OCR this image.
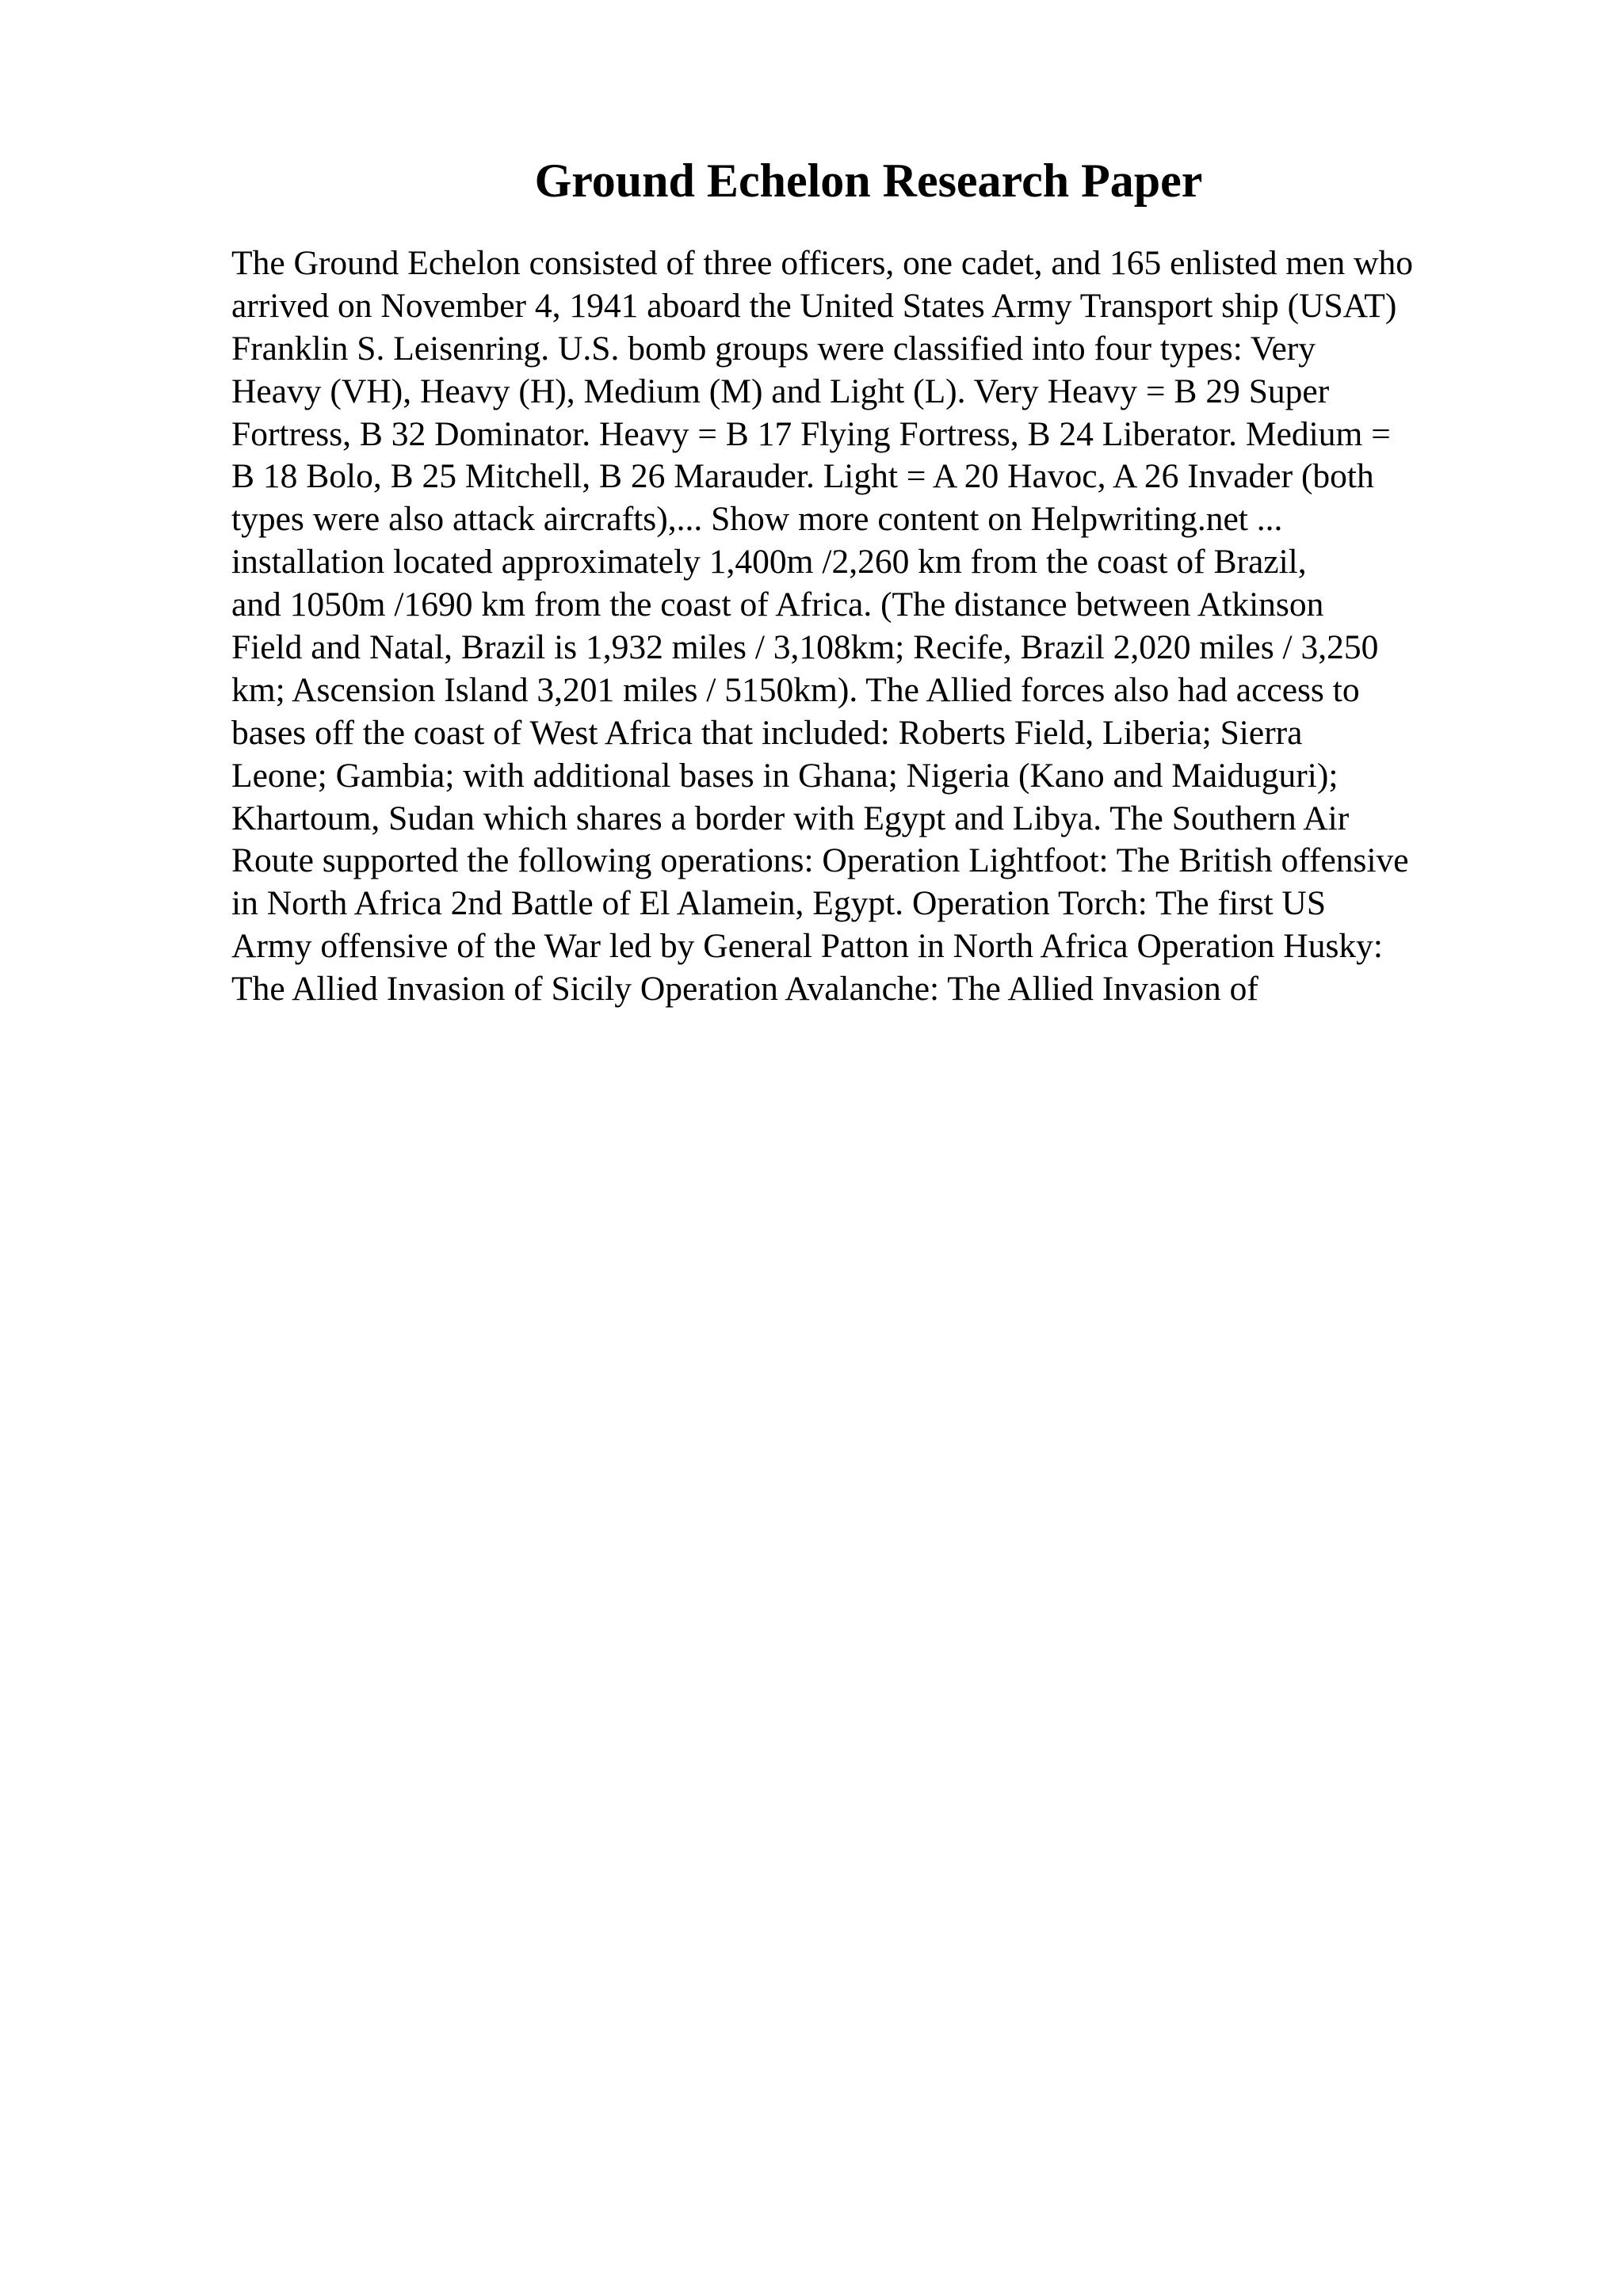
Ground Echelon Research Paper

The Ground Echelon consisted of three officers, one cadet, and 165 enlisted men who
arrived on November 4, 1941 aboard the United States Army Transport ship (USAT)
Franklin S. Leisenring. U.S. bomb groups were classified into four types: Very
Heavy (VH), Heavy (H), Medium (M) and Light (L). Very Heavy = B 29 Super
Fortress, B 32 Dominator. Heavy = B 17 Flying Fortress, B 24 Liberator. Medium =
B 18 Bolo, B 25 Mitchell, B 26 Marauder. Light = A 20 Havoc, A 26 Invader (both
types were also attack aircrafts),... Show more content on Helpwriting.net ...
installation located approximately 1,400m /2,260 km from the coast of Brazil,
and 1050m /1690 km from the coast of Africa. (The distance between Atkinson
Field and Natal, Brazil is 1,932 miles / 3,108km; Recife, Brazil 2,020 miles / 3,250
km; Ascension Island 3,201 miles / 5150km). The Allied forces also had access to
bases off the coast of West Africa that included: Roberts Field, Liberia; Sierra
Leone; Gambia; with additional bases in Ghana; Nigeria (Kano and Maiduguri);
Khartoum, Sudan which shares a border with Egypt and Libya. The Southern Air
Route supported the following operations: Operation Lightfoot: The British offensive
in North Africa 2nd Battle of El Alamein, Egypt. Operation Torch: The first US
Army offensive of the War led by General Patton in North Africa Operation Husky:
The Allied Invasion of Sicily Operation Avalanche: The Allied Invasion of
